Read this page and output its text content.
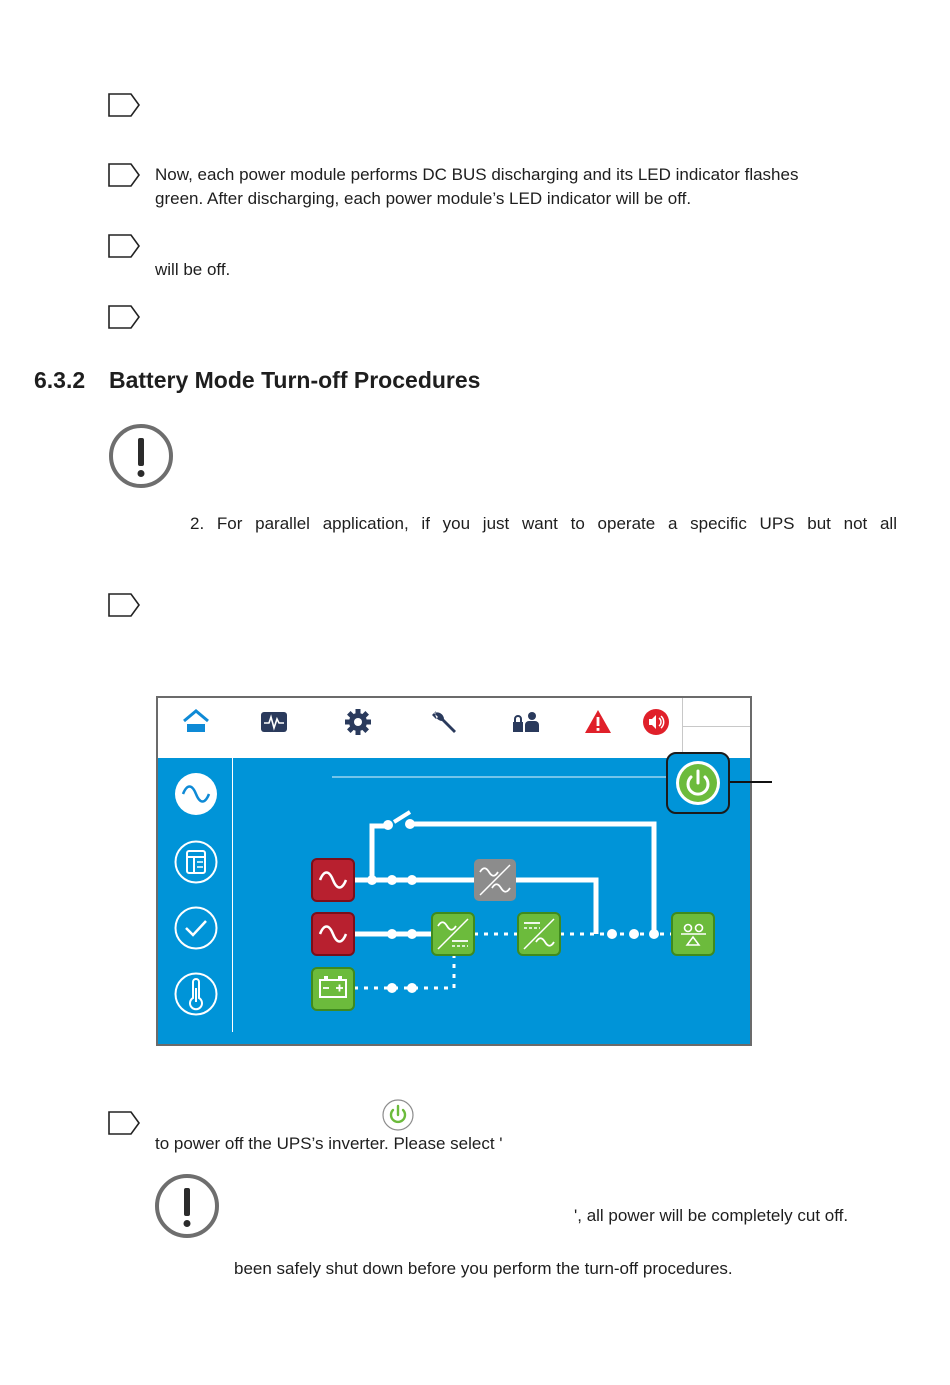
Now, each power module performs DC BUS discharging and its LED indicator flashes
green. After discharging, each power module’s LED indicator will be off.
will be off.
6.3.2 Battery Mode Turn-off Procedures
2. For parallel application, if you just want to operate a specific UPS but not all
to power off the UPS’s inverter. Please select '
', all power will be completely cut off.
been safely shut down before you perform the turn-off procedures.
